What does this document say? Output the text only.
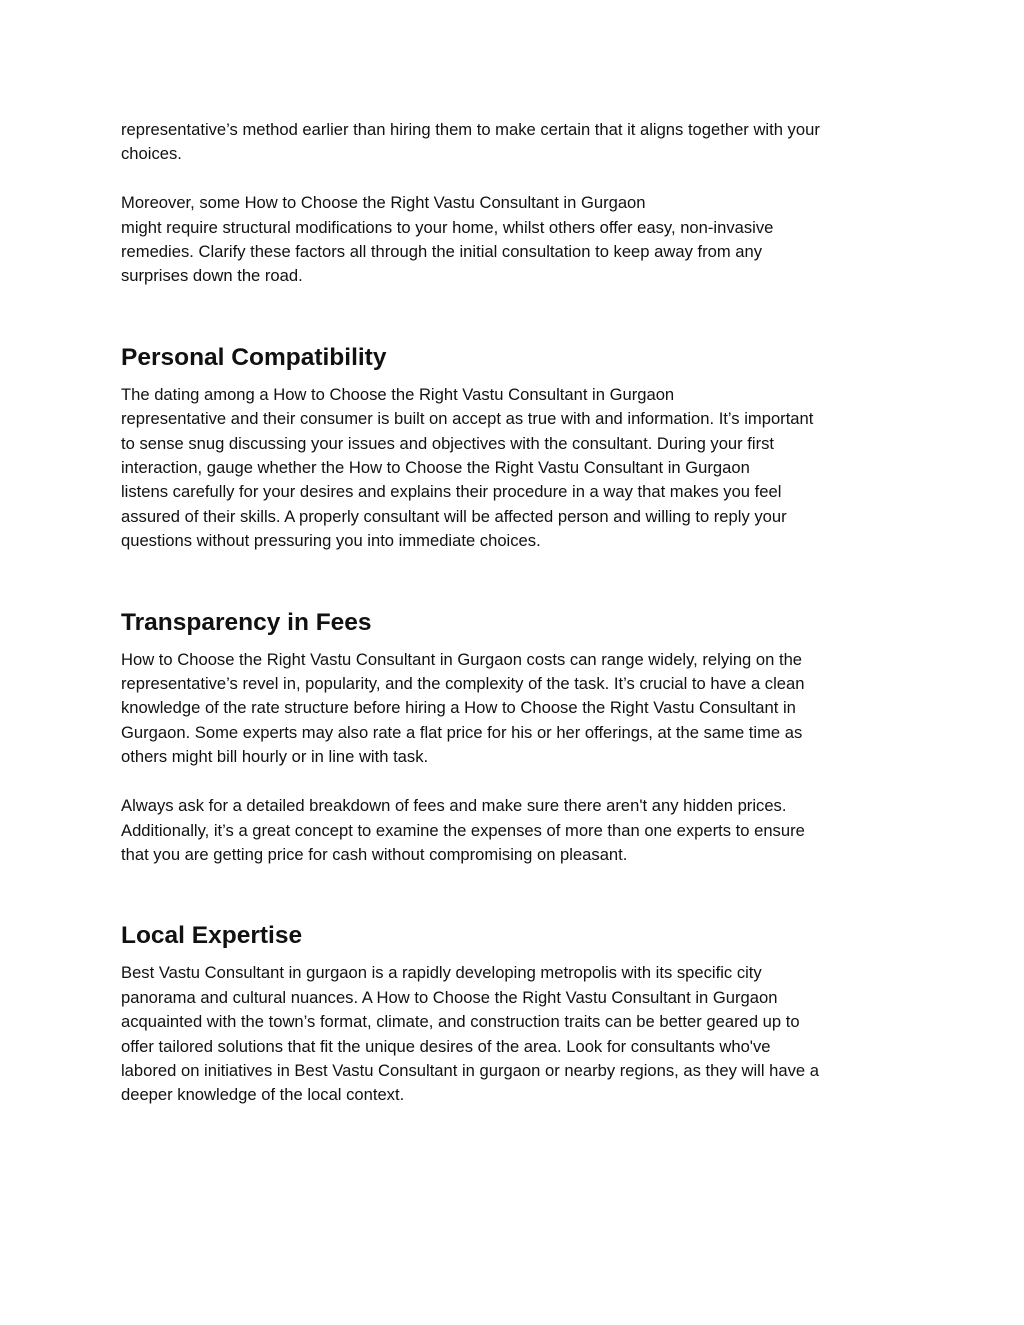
representative’s method earlier than hiring them to make certain that it aligns together with your
choices.

Moreover, some How to Choose the Right Vastu Consultant in Gurgaon
might require structural modifications to your home, whilst others offer easy, non-invasive
remedies. Clarify these factors all through the initial consultation to keep away from any
surprises down the road.

Personal Compatibility

The dating among a How to Choose the Right Vastu Consultant in Gurgaon
representative and their consumer is built on accept as true with and information. It’s important
to sense snug discussing your issues and objectives with the consultant. During your first
interaction, gauge whether the How to Choose the Right Vastu Consultant in Gurgaon
listens carefully for your desires and explains their procedure in a way that makes you feel
assured of their skills. A properly consultant will be affected person and willing to reply your
questions without pressuring you into immediate choices.

Transparency in Fees

How to Choose the Right Vastu Consultant in Gurgaon costs can range widely, relying on the
representative’s revel in, popularity, and the complexity of the task. It’s crucial to have a clean
knowledge of the rate structure before hiring a How to Choose the Right Vastu Consultant in
Gurgaon. Some experts may also rate a flat price for his or her offerings, at the same time as
others might bill hourly or in line with task.

Always ask for a detailed breakdown of fees and make sure there aren't any hidden prices.
Additionally, it’s a great concept to examine the expenses of more than one experts to ensure
that you are getting price for cash without compromising on pleasant.

Local Expertise

Best Vastu Consultant in gurgaon is a rapidly developing metropolis with its specific city
panorama and cultural nuances. A How to Choose the Right Vastu Consultant in Gurgaon
acquainted with the town’s format, climate, and construction traits can be better geared up to
offer tailored solutions that fit the unique desires of the area. Look for consultants who've
labored on initiatives in Best Vastu Consultant in gurgaon or nearby regions, as they will have a
deeper knowledge of the local context.
